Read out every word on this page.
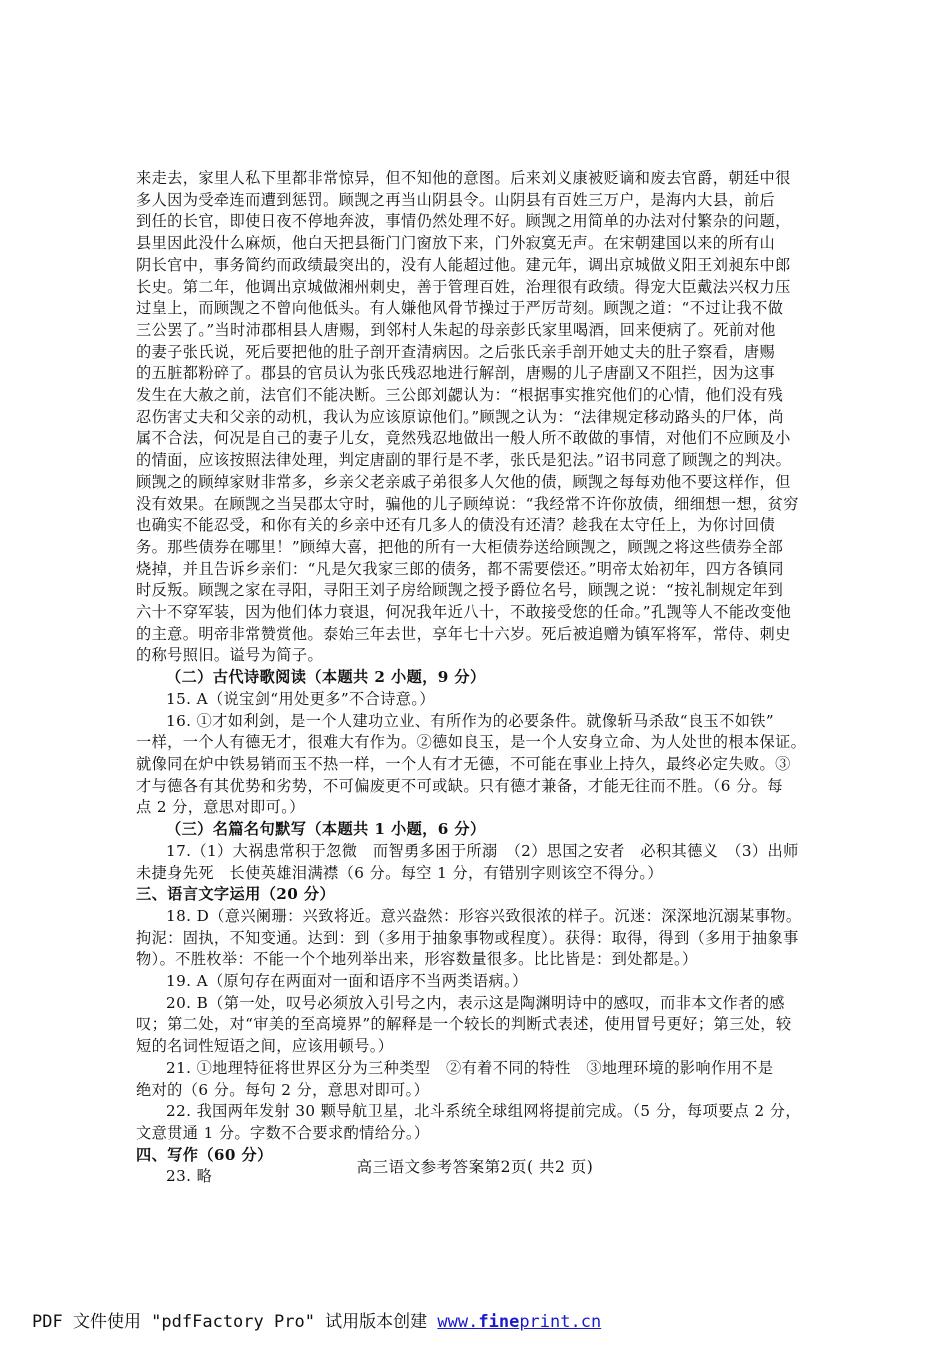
来走去，家里人私下里都非常惊异，但不知他的意图。后来刘义康被贬谪和废去官爵，朝廷中很
多人因为受牵连而遭到惩罚。顾觊之再当山阴县令。山阴县有百姓三万户，是海内大县，前后
到任的长官，即使日夜不停地奔波，事情仍然处理不好。顾觊之用简单的办法对付繁杂的问题，
县里因此没什么麻烦，他白天把县衙门门窗放下来，门外寂寞无声。在宋朝建国以来的所有山
阴长官中，事务简约而政绩最突出的，没有人能超过他。建元年，调出京城做义阳王刘昶东中郎
长史。第二年，他调出京城做湘州刺史，善于管理百姓，治理很有政绩。得宠大臣戴法兴权力压
过皇上，而顾觊之不曾向他低头。有人嫌他风骨节操过于严厉苛刻。顾觊之道：“不过让我不做
三公罢了。”当时沛郡相县人唐赐，到邻村人朱起的母亲彭氏家里喝酒，回来便病了。死前对他
的妻子张氏说，死后要把他的肚子剖开查清病因。之后张氏亲手剖开她丈夫的肚子察看，唐赐
的五脏都粉碎了。郡县的官员认为张氏残忍地进行解剖，唐赐的儿子唐副又不阻拦，因为这事
发生在大赦之前，法官们不能决断。三公郎刘勰认为：“根据事实推究他们的心情，他们没有残
忍伤害丈夫和父亲的动机，我认为应该原谅他们。”顾觊之认为：“法律规定移动路头的尸体，尚
属不合法，何况是自己的妻子儿女，竟然残忍地做出一般人所不敢做的事情，对他们不应顾及小
的情面，应该按照法律处理，判定唐副的罪行是不孝，张氏是犯法。”诏书同意了顾觊之的判决。
顾觊之的顾绰家财非常多，乡亲父老亲戚子弟很多人欠他的债，顾觊之每每劝他不要这样作，但
没有效果。在顾觊之当吴郡太守时，骗他的儿子顾绰说：“我经常不许你放债，细细想一想，贫穷
也确实不能忍受，和你有关的乡亲中还有几多人的债没有还清？趁我在太守任上，为你讨回债
务。那些债券在哪里！”顾绰大喜，把他的所有一大柜债券送给顾觊之，顾觊之将这些债券全部
烧掉，并且告诉乡亲们：“凡是欠我家三郎的债务，都不需要偿还。”明帝太始初年，四方各镇同
时反叛。顾觊之家在寻阳，寻阳王刘子房给顾觊之授予爵位名号，顾觊之说：“按礼制规定年到
六十不穿军装，因为他们体力衰退，何况我年近八十，不敢接受您的任命。”孔觊等人不能改变他
的主意。明帝非常赞赏他。泰始三年去世，享年七十六岁。死后被追赠为镇军将军，常侍、刺史
的称号照旧。谥号为简子。
（二）古代诗歌阅读（本题共 2 小题，9 分）
15. A（说宝剑“用处更多”不合诗意。）
16. ①才如利剑，是一个人建功立业、有所作为的必要条件。就像斩马杀敌“良玉不如铁”
一样，一个人有德无才，很难大有作为。②德如良玉，是一个人安身立命、为人处世的根本保证。
就像同在炉中铁易销而玉不热一样，一个人有才无德，不可能在事业上持久，最终必定失败。③
才与德各有其优势和劣势，不可偏废更不可或缺。只有德才兼备，才能无往而不胜。（6 分。每
点 2 分，意思对即可。）
（三）名篇名句默写（本题共 1 小题，6 分）
17.（1）大祸患常积于忽微　而智勇多困于所溺　（2）思国之安者　必积其德义　（3）出师
未捷身先死　长使英雄泪满襟（6 分。每空 1 分，有错别字则该空不得分。）
三、语言文字运用（20 分）
18. D（意兴阑珊：兴致将近。意兴盎然：形容兴致很浓的样子。沉迷：深深地沉溺某事物。
拘泥：固执，不知变通。达到：到（多用于抽象事物或程度）。获得：取得，得到（多用于抽象事
物）。不胜枚举：不能一个个地列举出来，形容数量很多。比比皆是：到处都是。）
19. A（原句存在两面对一面和语序不当两类语病。）
20. B（第一处，叹号必须放入引号之内，表示这是陶渊明诗中的感叹，而非本文作者的感
叹；第二处，对“审美的至高境界”的解释是一个较长的判断式表述，使用冒号更好；第三处，较
短的名词性短语之间，应该用顿号。）
21. ①地理特征将世界区分为三种类型　②有着不同的特性　③地理环境的影响作用不是
绝对的（6 分。每句 2 分，意思对即可。）
22. 我国两年发射 30 颗导航卫星，北斗系统全球组网将提前完成。（5 分，每项要点 2 分，
文意贯通 1 分。字数不合要求酌情给分。）
四、写作（60 分）
23. 略
高三语文参考答案第2页( 共2 页)
PDF 文件使用 "pdfFactory Pro" 试用版本创建 www.fineprint.cn
